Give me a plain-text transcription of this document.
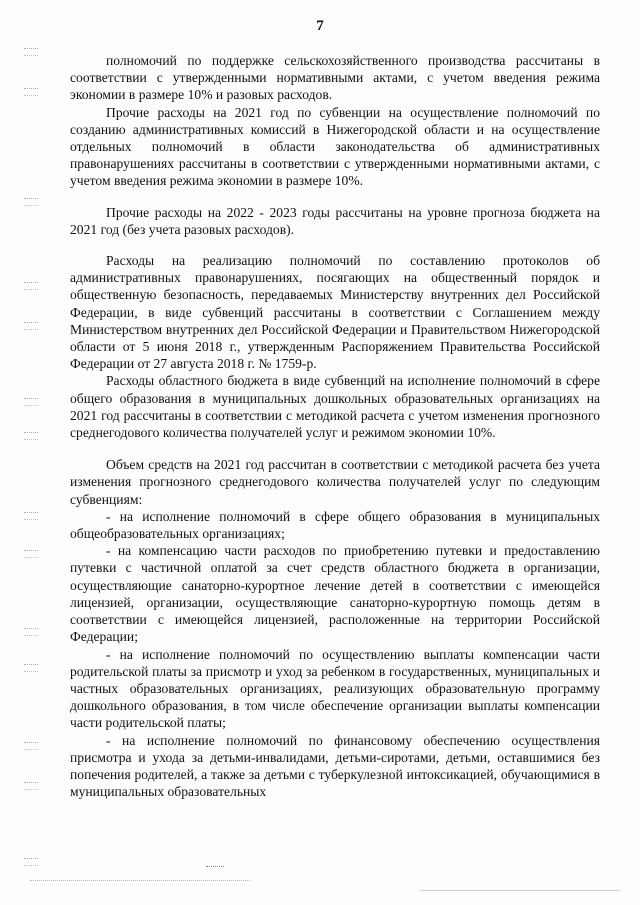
7

полномочий по поддержке сельскохозяйственного производства рассчитаны в соответствии с утвержденными нормативными актами, с учетом введения режима экономии в размере 10% и разовых расходов.

Прочие расходы на 2021 год по субвенции на осуществление полномочий по созданию административных комиссий в Нижегородской области и на осуществление отдельных полномочий в области законодательства об административных правонарушениях рассчитаны в соответствии с утвержденными нормативными актами, с учетом введения режима экономии в размере 10%.

Прочие расходы на 2022 - 2023 годы рассчитаны на уровне прогноза бюджета на 2021 год (без учета разовых расходов).

Расходы на реализацию полномочий по составлению протоколов об административных правонарушениях, посягающих на общественный порядок и общественную безопасность, передаваемых Министерству внутренних дел Российской Федерации, в виде субвенций рассчитаны в соответствии с Соглашением между Министерством внутренних дел Российской Федерации и Правительством Нижегородской области от 5 июня 2018 г., утвержденным Распоряжением Правительства Российской Федерации от 27 августа 2018 г. № 1759-р.

Расходы областного бюджета в виде субвенций на исполнение полномочий в сфере общего образования в муниципальных дошкольных образовательных организациях на 2021 год рассчитаны в соответствии с методикой расчета с учетом изменения прогнозного среднегодового количества получателей услуг и режимом экономии 10%.

Объем средств на 2021 год рассчитан в соответствии с методикой расчета без учета изменения прогнозного среднегодового количества получателей услуг по следующим субвенциям:

- на исполнение полномочий в сфере общего образования в муниципальных общеобразовательных организациях;

- на компенсацию части расходов по приобретению путевки и предоставлению путевки с частичной оплатой за счет средств областного бюджета в организации, осуществляющие санаторно-курортное лечение детей в соответствии с имеющейся лицензией, организации, осуществляющие санаторно-курортную помощь детям в соответствии с имеющейся лицензией, расположенные на территории Российской Федерации;

- на исполнение полномочий по осуществлению выплаты компенсации части родительской платы за присмотр и уход за ребенком в государственных, муниципальных и частных образовательных организациях, реализующих образовательную программу дошкольного образования, в том числе обеспечение организации выплаты компенсации части родительской платы;

- на исполнение полномочий по финансовому обеспечению осуществления присмотра и ухода за детьми-инвалидами, детьми-сиротами, детьми, оставшимися без попечения родителей, а также за детьми с туберкулезной интоксикацией, обучающимися в муниципальных образовательных
